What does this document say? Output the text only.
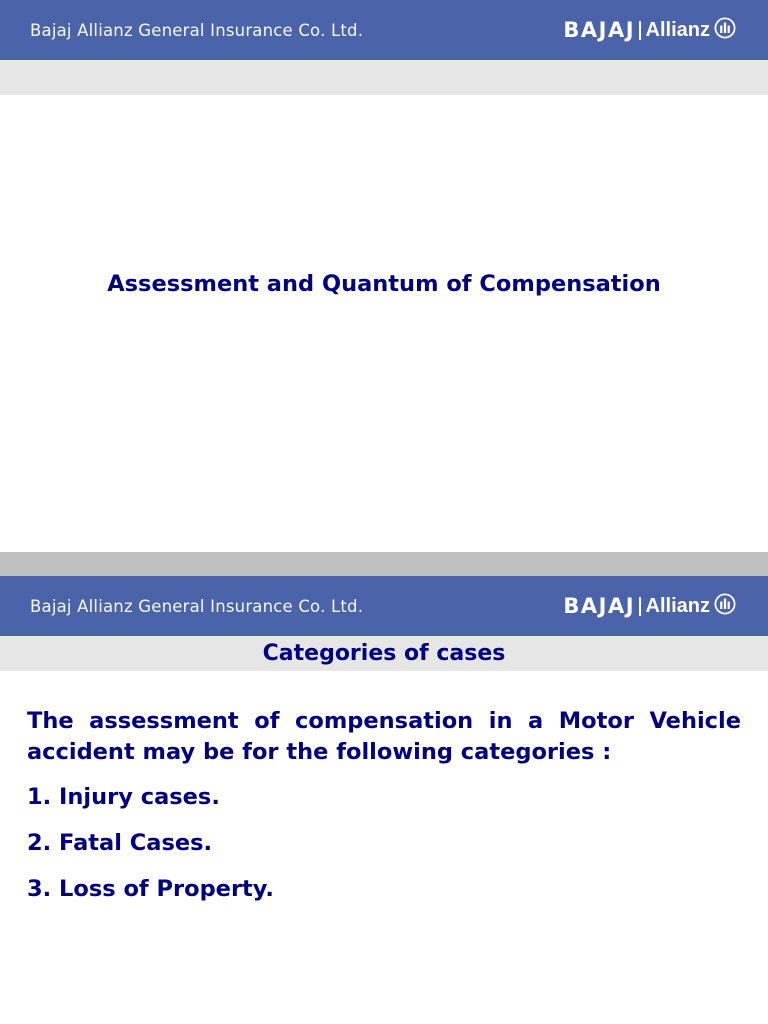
Bajaj Allianz General Insurance Co. Ltd.	BAJAJ Allianz
Assessment and Quantum of Compensation
Bajaj Allianz General Insurance Co. Ltd.	BAJAJ Allianz
Categories of cases

The assessment of compensation in a Motor Vehicle accident may be for the following categories :

1. Injury cases.

2. Fatal Cases.

3. Loss of Property.
